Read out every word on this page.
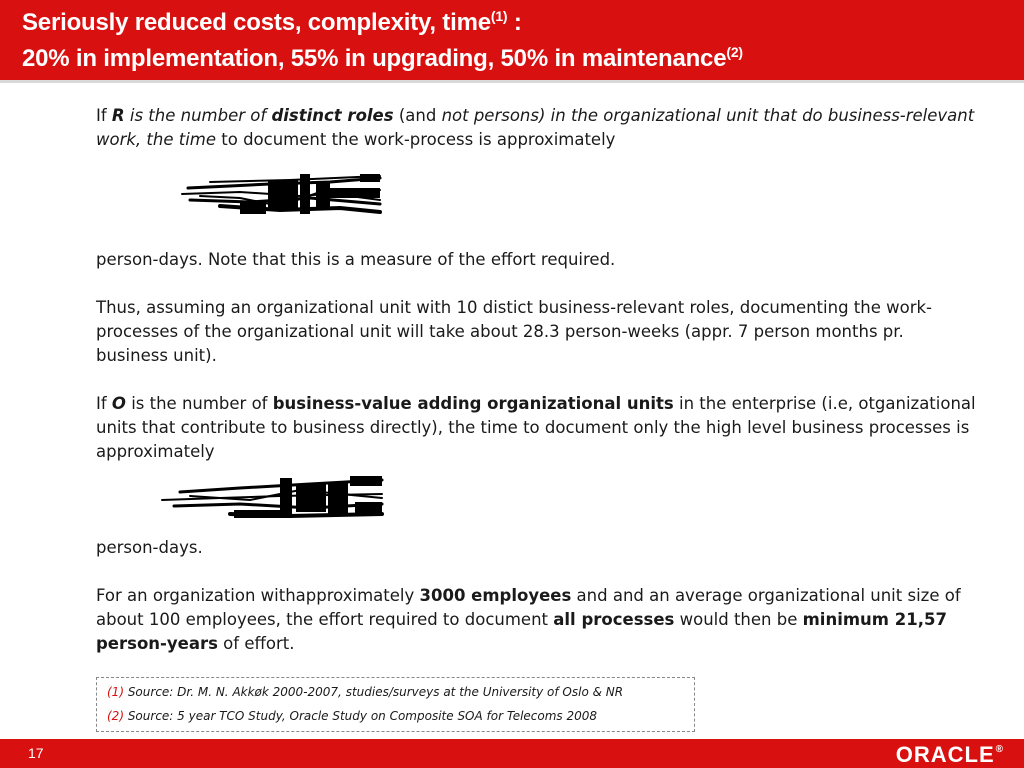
Seriously reduced costs, complexity, time$^{(1)}$ :
20% in implementation, 55% in upgrading, 50% in maintenance$^{(2)}$
If R is the number of distinct roles (and not persons) in the organizational unit that do business-relevant work, the time to document the work-process is approximately
person-days. Note that this is a measure of the effort required.
Thus, assuming an organizational unit with 10 distict business-relevant roles, documenting the work-processes of the organizational unit will take about 28.3 person-weeks (appr. 7 person months pr. business unit).
If O is the number of business-value adding organizational units in the enterprise (i.e, otganizational units that contribute to business directly), the time to document only the high level business processes is approximately
person-days.
For an organization withapproximately 3000 employees and and an average organizational unit size of about 100 employees, the effort required to document all processes would then be minimum 21,57 person-years of effort.
(1) Source: Dr. M. N. Akkøk 2000-2007, studies/surveys at the University of Oslo & NR
(2) Source: 5 year TCO Study, Oracle Study on Composite SOA for Telecoms 2008
17	ORACLE®
